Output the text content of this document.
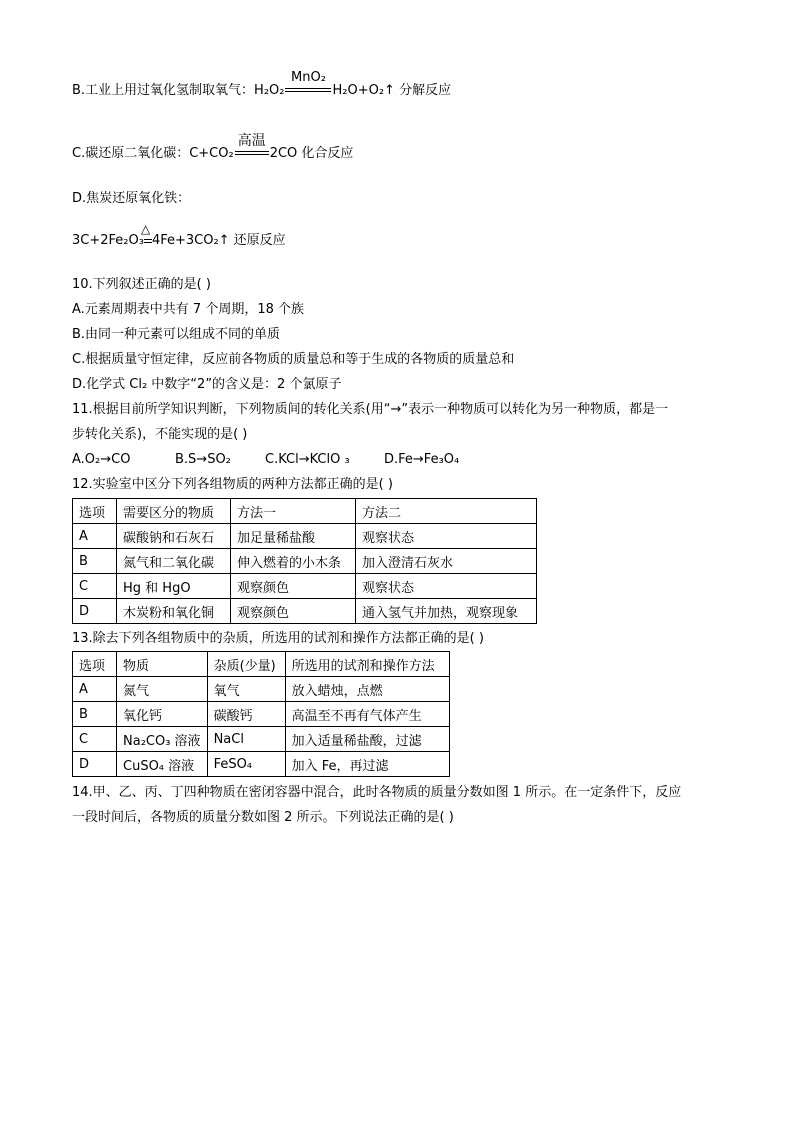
B.工业上用过氧化氢制取氧气：H₂O₂
MnO₂
H₂O+O₂↑ 分解反应
C.碳还原二氧化碳：C+CO₂
高温
2CO 化合反应
D.焦炭还原氧化铁：
3C+2Fe₂O₃
△
4Fe+3CO₂↑ 还原反应
10.下列叙述正确的是( )
A.元素周期表中共有 7 个周期，18 个族
B.由同一种元素可以组成不同的单质
C.根据质量守恒定律，反应前各物质的质量总和等于生成的各物质的质量总和
D.化学式 Cl₂ 中数字“2”的含义是：2 个氯原子
11.根据目前所学知识判断，下列物质间的转化关系(用“→”表示一种物质可以转化为另一种物质，都是一
步转化关系)，不能实现的是( )
A.O₂→CO	B.S→SO₂	C.KCl→KClO ₃	D.Fe→Fe₃O₄
12.实验室中区分下列各组物质的两种方法都正确的是( )
选项	需要区分的物质	方法一	方法二
A	碳酸钠和石灰石	加足量稀盐酸	观察状态
B	氮气和二氧化碳	伸入燃着的小木条	加入澄清石灰水
C	Hg 和 HgO	观察颜色	观察状态
D	木炭粉和氧化铜	观察颜色	通入氢气并加热，观察现象
13.除去下列各组物质中的杂质，所选用的试剂和操作方法都正确的是( )
选项	物质	杂质(少量)	所选用的试剂和操作方法
A	氮气	氧气	放入蜡烛，点燃
B	氧化钙	碳酸钙	高温至不再有气体产生
C	Na₂CO₃ 溶液	NaCl	加入适量稀盐酸，过滤
D	CuSO₄ 溶液	FeSO₄	加入 Fe，再过滤
14.甲、乙、丙、丁四种物质在密闭容器中混合，此时各物质的质量分数如图 1 所示。在一定条件下，反应
一段时间后，各物质的质量分数如图 2 所示。下列说法正确的是( )
